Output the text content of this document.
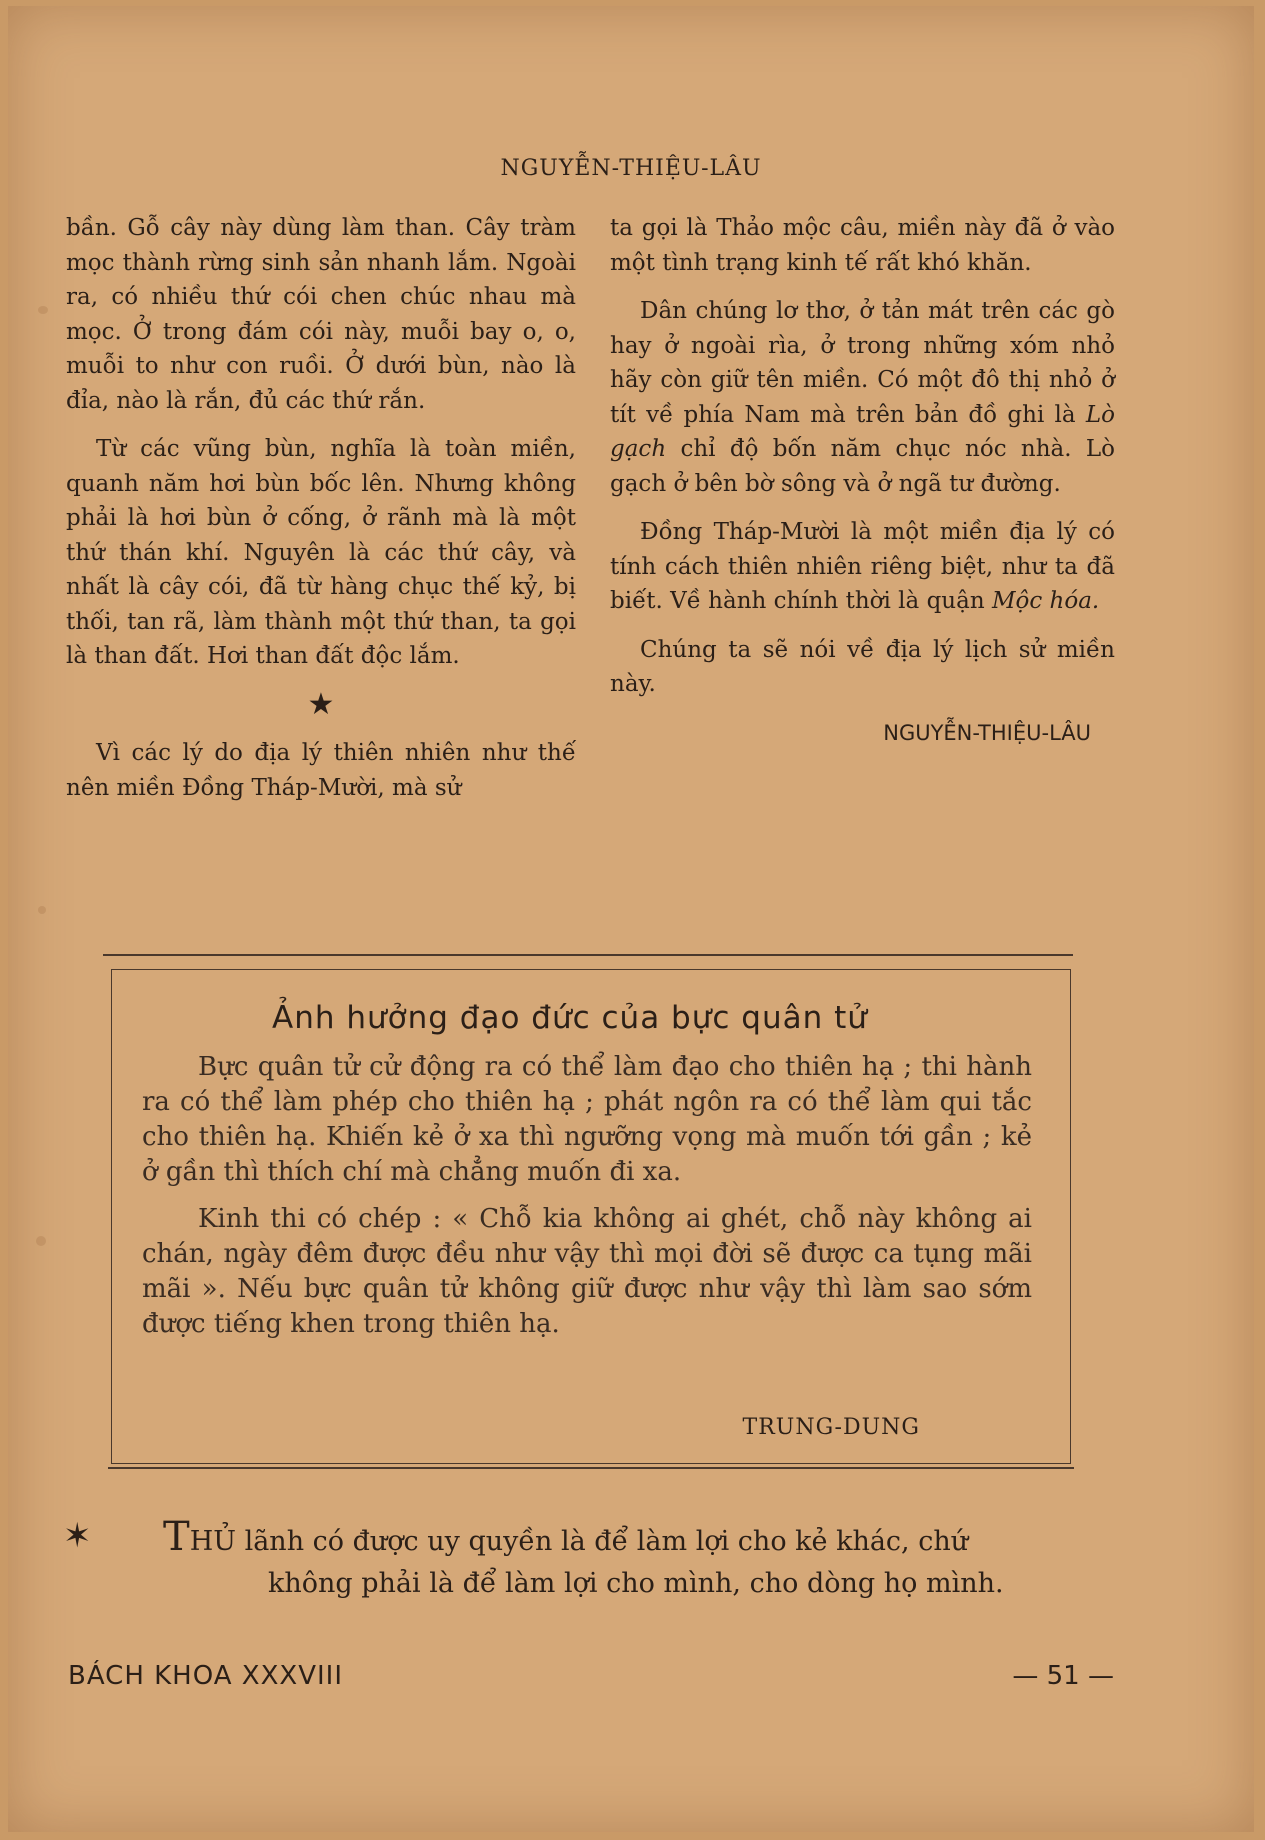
NGUYỄN-THIỆU-LÂU

bần. Gỗ cây này dùng làm than. Cây tràm mọc thành rừng sinh sản nhanh lắm. Ngoài ra, có nhiều thứ cói chen chúc nhau mà mọc. Ở trong đám cói này, muỗi bay o, o, muỗi to như con ruồi. Ở dưới bùn, nào là đỉa, nào là rắn, đủ các thứ rắn.

Từ các vũng bùn, nghĩa là toàn miền, quanh năm hơi bùn bốc lên. Nhưng không phải là hơi bùn ở cống, ở rãnh mà là một thứ thán khí. Nguyên là các thứ cây, và nhất là cây cói, đã từ hàng chục thế kỷ, bị thối, tan rã, làm thành một thứ than, ta gọi là than đất. Hơi than đất độc lắm.

★

Vì các lý do địa lý thiên nhiên như thế nên miền Đồng Tháp-Mười, mà sử

ta gọi là Thảo mộc câu, miền này đã ở vào một tình trạng kinh tế rất khó khăn.

Dân chúng lơ thơ, ở tản mát trên các gò hay ở ngoài rìa, ở trong những xóm nhỏ hãy còn giữ tên miền. Có một đô thị nhỏ ở tít về phía Nam mà trên bản đồ ghi là Lò gạch chỉ độ bốn năm chục nóc nhà. Lò gạch ở bên bờ sông và ở ngã tư đường.

Đồng Tháp-Mười là một miền địa lý có tính cách thiên nhiên riêng biệt, như ta đã biết. Về hành chính thời là quận Mộc hóa.

Chúng ta sẽ nói về địa lý lịch sử miền này.

NGUYỄN-THIỆU-LÂU

Ảnh hưởng đạo đức của bực quân tử

Bực quân tử cử động ra có thể làm đạo cho thiên hạ ; thi hành ra có thể làm phép cho thiên hạ ; phát ngôn ra có thể làm qui tắc cho thiên hạ. Khiến kẻ ở xa thì ngưỡng vọng mà muốn tới gần ; kẻ ở gần thì thích chí mà chẳng muốn đi xa.

Kinh thi có chép : « Chỗ kia không ai ghét, chỗ này không ai chán, ngày đêm được đều như vậy thì mọi đời sẽ được ca tụng mãi mãi ». Nếu bực quân tử không giữ được như vậy thì làm sao sớm được tiếng khen trong thiên hạ.

TRUNG-DUNG
✶ THỦ lãnh có được uy quyền là để làm lợi cho kẻ khác, chứ
không phải là để làm lợi cho mình, cho dòng họ mình.
BÁCH KHOA XXXVIII	— 51 —
